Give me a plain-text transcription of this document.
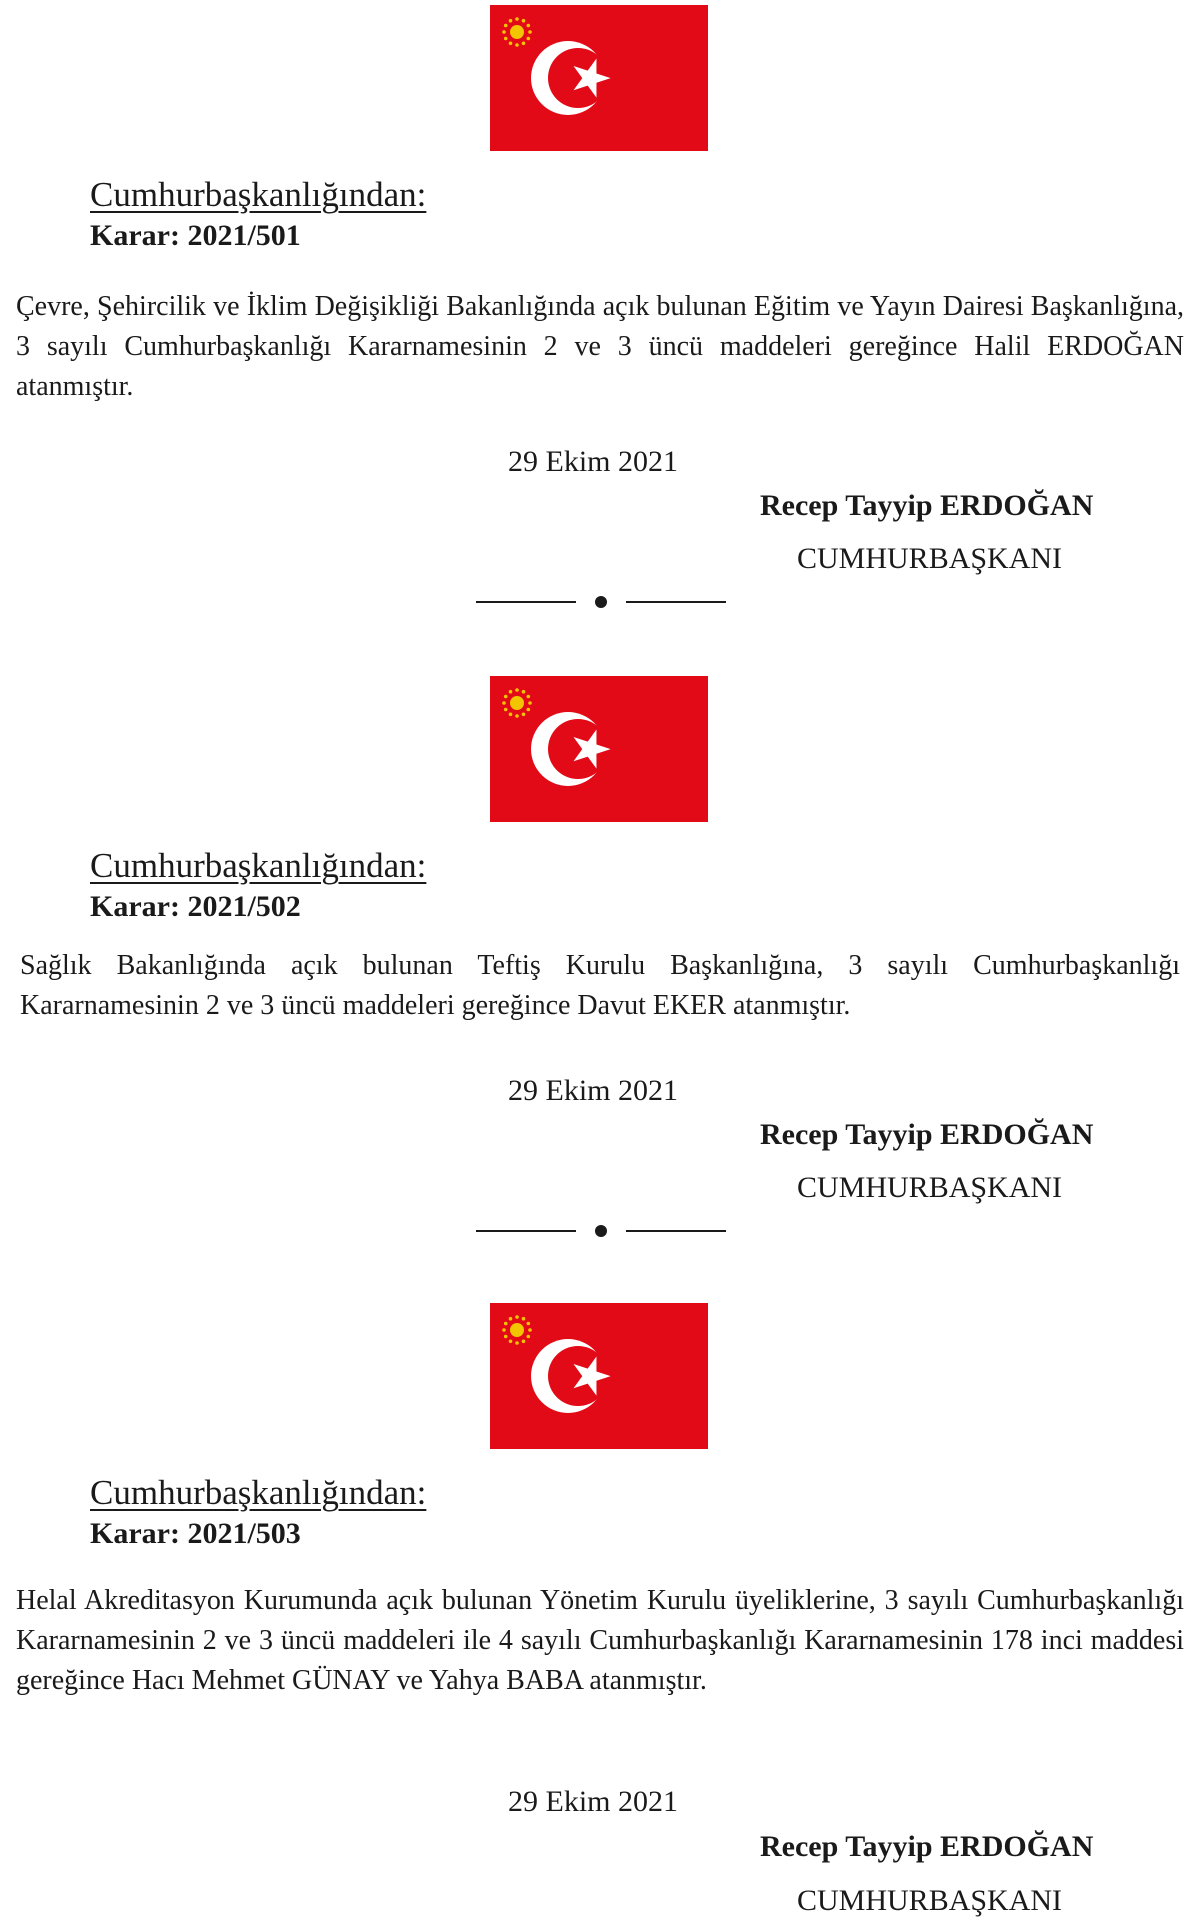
Cumhurbaşkanlığından:
Karar: 2021/501

Çevre, Şehircilik ve İklim Değişikliği Bakanlığında açık bulunan Eğitim ve Yayın Dairesi Başkanlığına, 3 sayılı Cumhurbaşkanlığı Kararnamesinin 2 ve 3 üncü maddeleri gereğince Halil ERDOĞAN atanmıştır.

29 Ekim 2021
Recep Tayyip ERDOĞAN
CUMHURBAŞKANI
Cumhurbaşkanlığından:
Karar: 2021/502

Sağlık Bakanlığında açık bulunan Teftiş Kurulu Başkanlığına, 3 sayılı Cumhurbaşkanlığı Kararnamesinin 2 ve 3 üncü maddeleri gereğince Davut EKER atanmıştır.

29 Ekim 2021
Recep Tayyip ERDOĞAN
CUMHURBAŞKANI
Cumhurbaşkanlığından:
Karar: 2021/503

Helal Akreditasyon Kurumunda açık bulunan Yönetim Kurulu üyeliklerine, 3 sayılı Cumhurbaşkanlığı Kararnamesinin 2 ve 3 üncü maddeleri ile 4 sayılı Cumhurbaşkanlığı Kararnamesinin 178 inci maddesi gereğince Hacı Mehmet GÜNAY ve Yahya BABA atanmıştır.

29 Ekim 2021
Recep Tayyip ERDOĞAN
CUMHURBAŞKANI
